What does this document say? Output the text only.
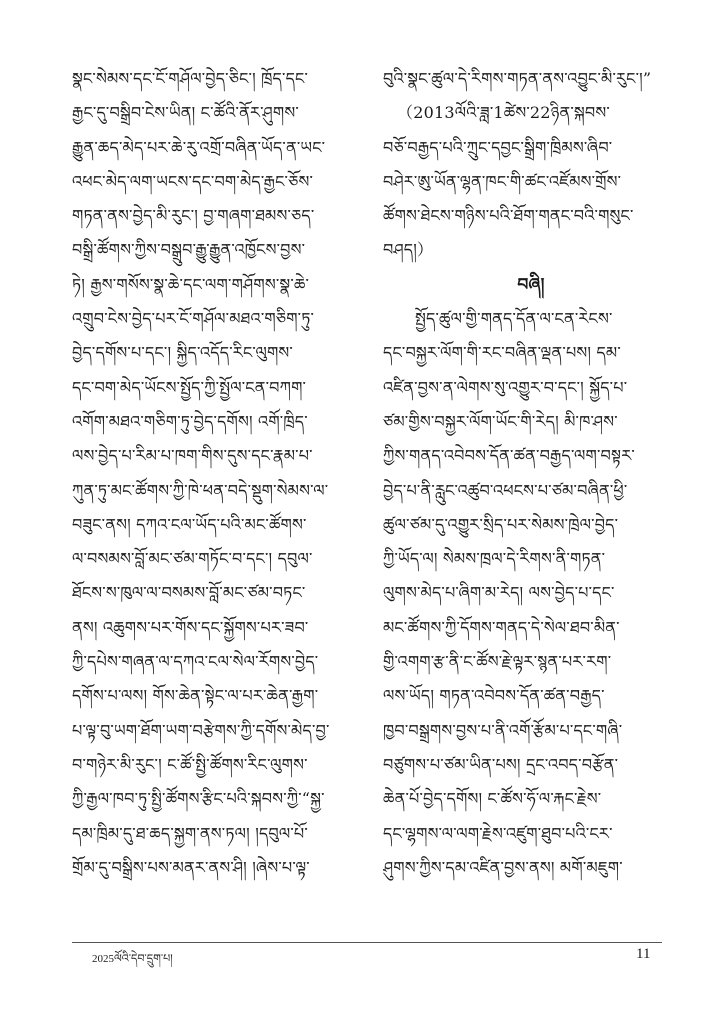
སྣང་སེམས་དང་ངོ་གཤོལ་བྱེད་ཅིང་། ཁྲོད་དང་
རྒྱང་དུ་བསྒྲིབ་ངེས་ཡིན། ང་ཚོའི་ནོར་ཤུགས་
རྒྱུན་ཆད་མེད་པར་ཆེ་རུ་འགྲོ་བཞིན་ཡོད་ན་ཡང་
འཕང་མེད་ལག་ཡངས་དང་བག་མེད་རྒྱང་ཅོས་
གཏན་ནས་བྱེད་མི་རུང་། བྱ་གཞག་ཐམས་ཅད་
བསྒྲི་ཚོགས་ཀྱིས་བསྒྲུབ་རྒྱུ་རྒྱུན་འཁྱོངས་བྱས་
ཏེ། རྒྱས་གསོས་སྣ་ཆེ་དང་ལག་གཤོགས་སྣ་ཆེ་
འགྲུབ་ངེས་བྱེད་པར་ངོ་གཤོལ་མཐའ་གཅིག་ཏུ་
བྱེད་དགོས་པ་དང་། སྐྱིད་འདོད་རིང་ལུགས་
དང་བག་མེད་ཡོངས་སྤྱོད་ཀྱི་སྤྱོལ་ངན་བཀག་
འགོག་མཐའ་གཅིག་ཏུ་བྱེད་དགོས། འགོ་ཁྲིད་
ལས་བྱེད་པ་རིམ་པ་ཁག་གིས་དུས་དང་རྣམ་པ་
ཀུན་ཏུ་མང་ཚོགས་ཀྱི་ཁེ་ཕན་བདེ་སྡུག་སེམས་ལ་
བཟུང་ནས། དཀའ་ངལ་ཡོད་པའི་མང་ཚོགས་
ལ་བསམས་བློ་མང་ཙམ་གཏོང་བ་དང་། དབུལ་
ཐོངས་ས་ཁུལ་ལ་བསམས་བློ་མང་ཙམ་བཏང་
ནས། འཆུགས་པར་གོས་དང་སྐྱོགས་པར་ཟབ་
ཀྱི་དཔེས་གཞན་ལ་དཀའ་ངལ་སེལ་རོགས་བྱེད་
དགོས་པ་ལས། གོས་ཆེན་སྟེང་ལ་པར་ཆེན་རྒྱག་
པ་ལྟ་བུ་ཡག་ཐོག་ཡག་བརྩེགས་ཀྱི་དགོས་མེད་བྱ་
བ་གཉེར་མི་རུང་། ང་ཚོ་སྤྱི་ཚོགས་རིང་ལུགས་
ཀྱི་རྒྱལ་ཁབ་ཏུ་སྤྱི་ཚོགས་རྩིང་པའི་སྐབས་ཀྱི་“སྐྱ་
དམ་ཁྲིམ་དུ་ཐ་ཆད་སྐྱག་ནས་ཏལ། །དབུལ་པོ་
གྲོམ་དུ་བསྒྲིས་པས་མནར་ནས་ཤི། །ཞེས་པ་ལྟ་
བུའི་སྣང་ཚུལ་དེ་རིགས་གཏན་ནས་འབྱུང་མི་རུང་།”
（2013ལོའི་ཟླ་1ཚེས་22ཉིན་སྐབས་
བཅོ་བརྒྱད་པའི་ཀྲུང་དབྱང་སྒྲིག་ཁྲིམས་ཞིབ་
བཤེར་ཨུ་ཡོན་ལྷན་ཁང་གི་ཚང་འཛོམས་གྲོས་
ཚོགས་ཐེངས་གཉིས་པའི་ཐོག་གནང་བའི་གསུང་
བཤད།）
བཞི།
སྤྱོད་ཚུལ་གྱི་གནད་དོན་ལ་ངན་རེངས་
དང་བསྐྱར་ལོག་གི་རང་བཞིན་ལྡན་པས། དམ་
འཛིན་བྱས་ན་ལེགས་སུ་འགྱུར་བ་དང་། སྐྱོད་པ་
ཙམ་གྱིས་བསྐྱར་ལོག་ཡོང་གི་རེད། མི་ཁ་ཤས་
ཀྱིས་གནད་འབེབས་དོན་ཚན་བརྒྱད་ལག་བསྟར་
བྱེད་པ་ནི་རླུང་འཚུབ་འཕངས་པ་ཙམ་བཞིན་ཕྱི་
ཚུལ་ཙམ་དུ་འགྱུར་སྲིད་པར་སེམས་ཁྲེལ་བྱེད་
ཀྱི་ཡོད་ལ། སེམས་ཁྲལ་དེ་རིགས་ནི་གཏན་
ལུགས་མེད་པ་ཞིག་མ་རེད། ལས་བྱེད་པ་དང་
མང་ཚོགས་ཀྱི་དོགས་གནད་དེ་སེལ་ཐབ་མིན་
གྱི་འགག་རྩ་ནི་ང་ཚོས་རྗེ་ལྟར་སྙན་པར་རག་
ལས་ཡོད། གཏན་འབེབས་དོན་ཚན་བརྒྱད་
ཁྱབ་བསྒྲགས་བྱས་པ་ནི་འགོ་རྩོམ་པ་དང་གཞི་
བཙུགས་པ་ཙམ་ཡིན་པས། དྲང་འབད་བརྩོན་
ཆེན་པོ་བྱེད་དགོས། ང་ཚོས་ཧོ་ལ་རྐང་རྗེས་
དང་ལྷགས་ལ་ལག་རྗེས་འཛུག་ཐུབ་པའི་ངར་
ཤུགས་ཀྱིས་དམ་འཛིན་བྱས་ནས། མགོ་མཇུག་
2025ལོའི་དེབ་དྲུག་པ།	11
